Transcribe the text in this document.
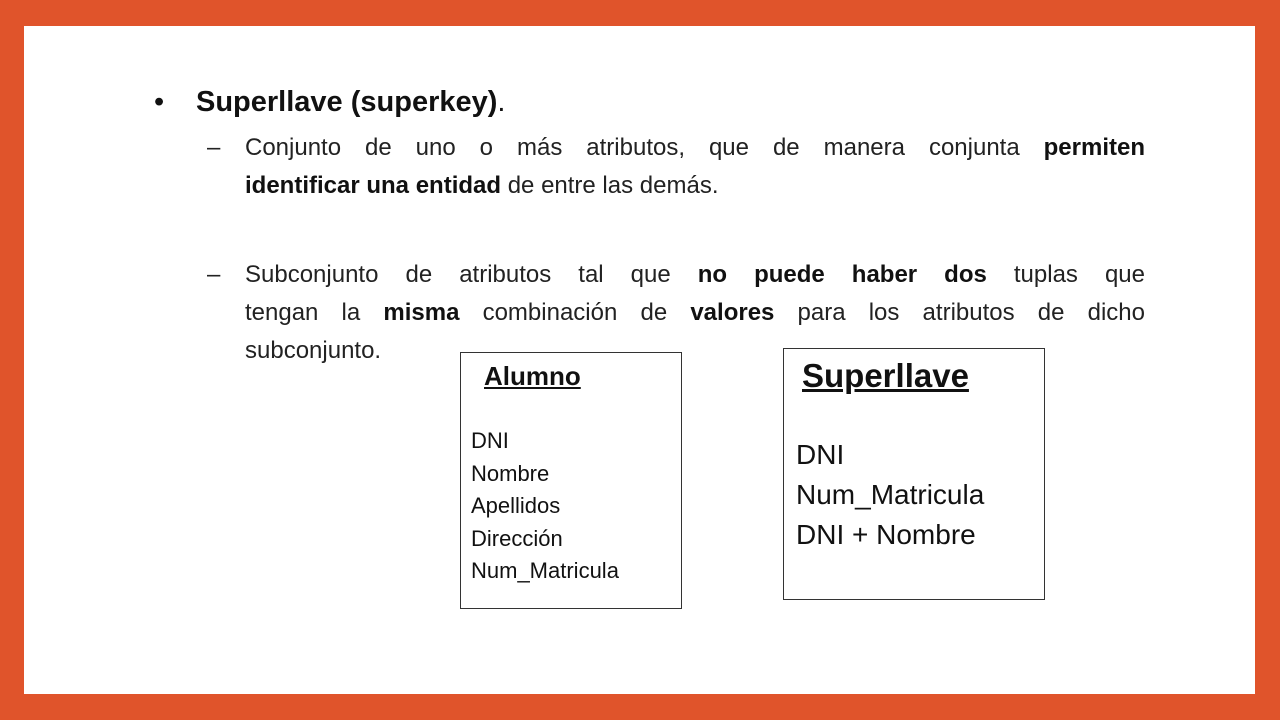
• Superllave (superkey).
– Conjunto de uno o más atributos, que de manera conjunta permiten
identificar una entidad de entre las demás.
– Subconjunto de atributos tal que no puede haber dos tuplas que
tengan la misma combinación de valores para los atributos de dicho
subconjunto.
Alumno
DNI
Nombre
Apellidos
Dirección
Num_Matricula
Superllave
DNI
Num_Matricula
DNI + Nombre
